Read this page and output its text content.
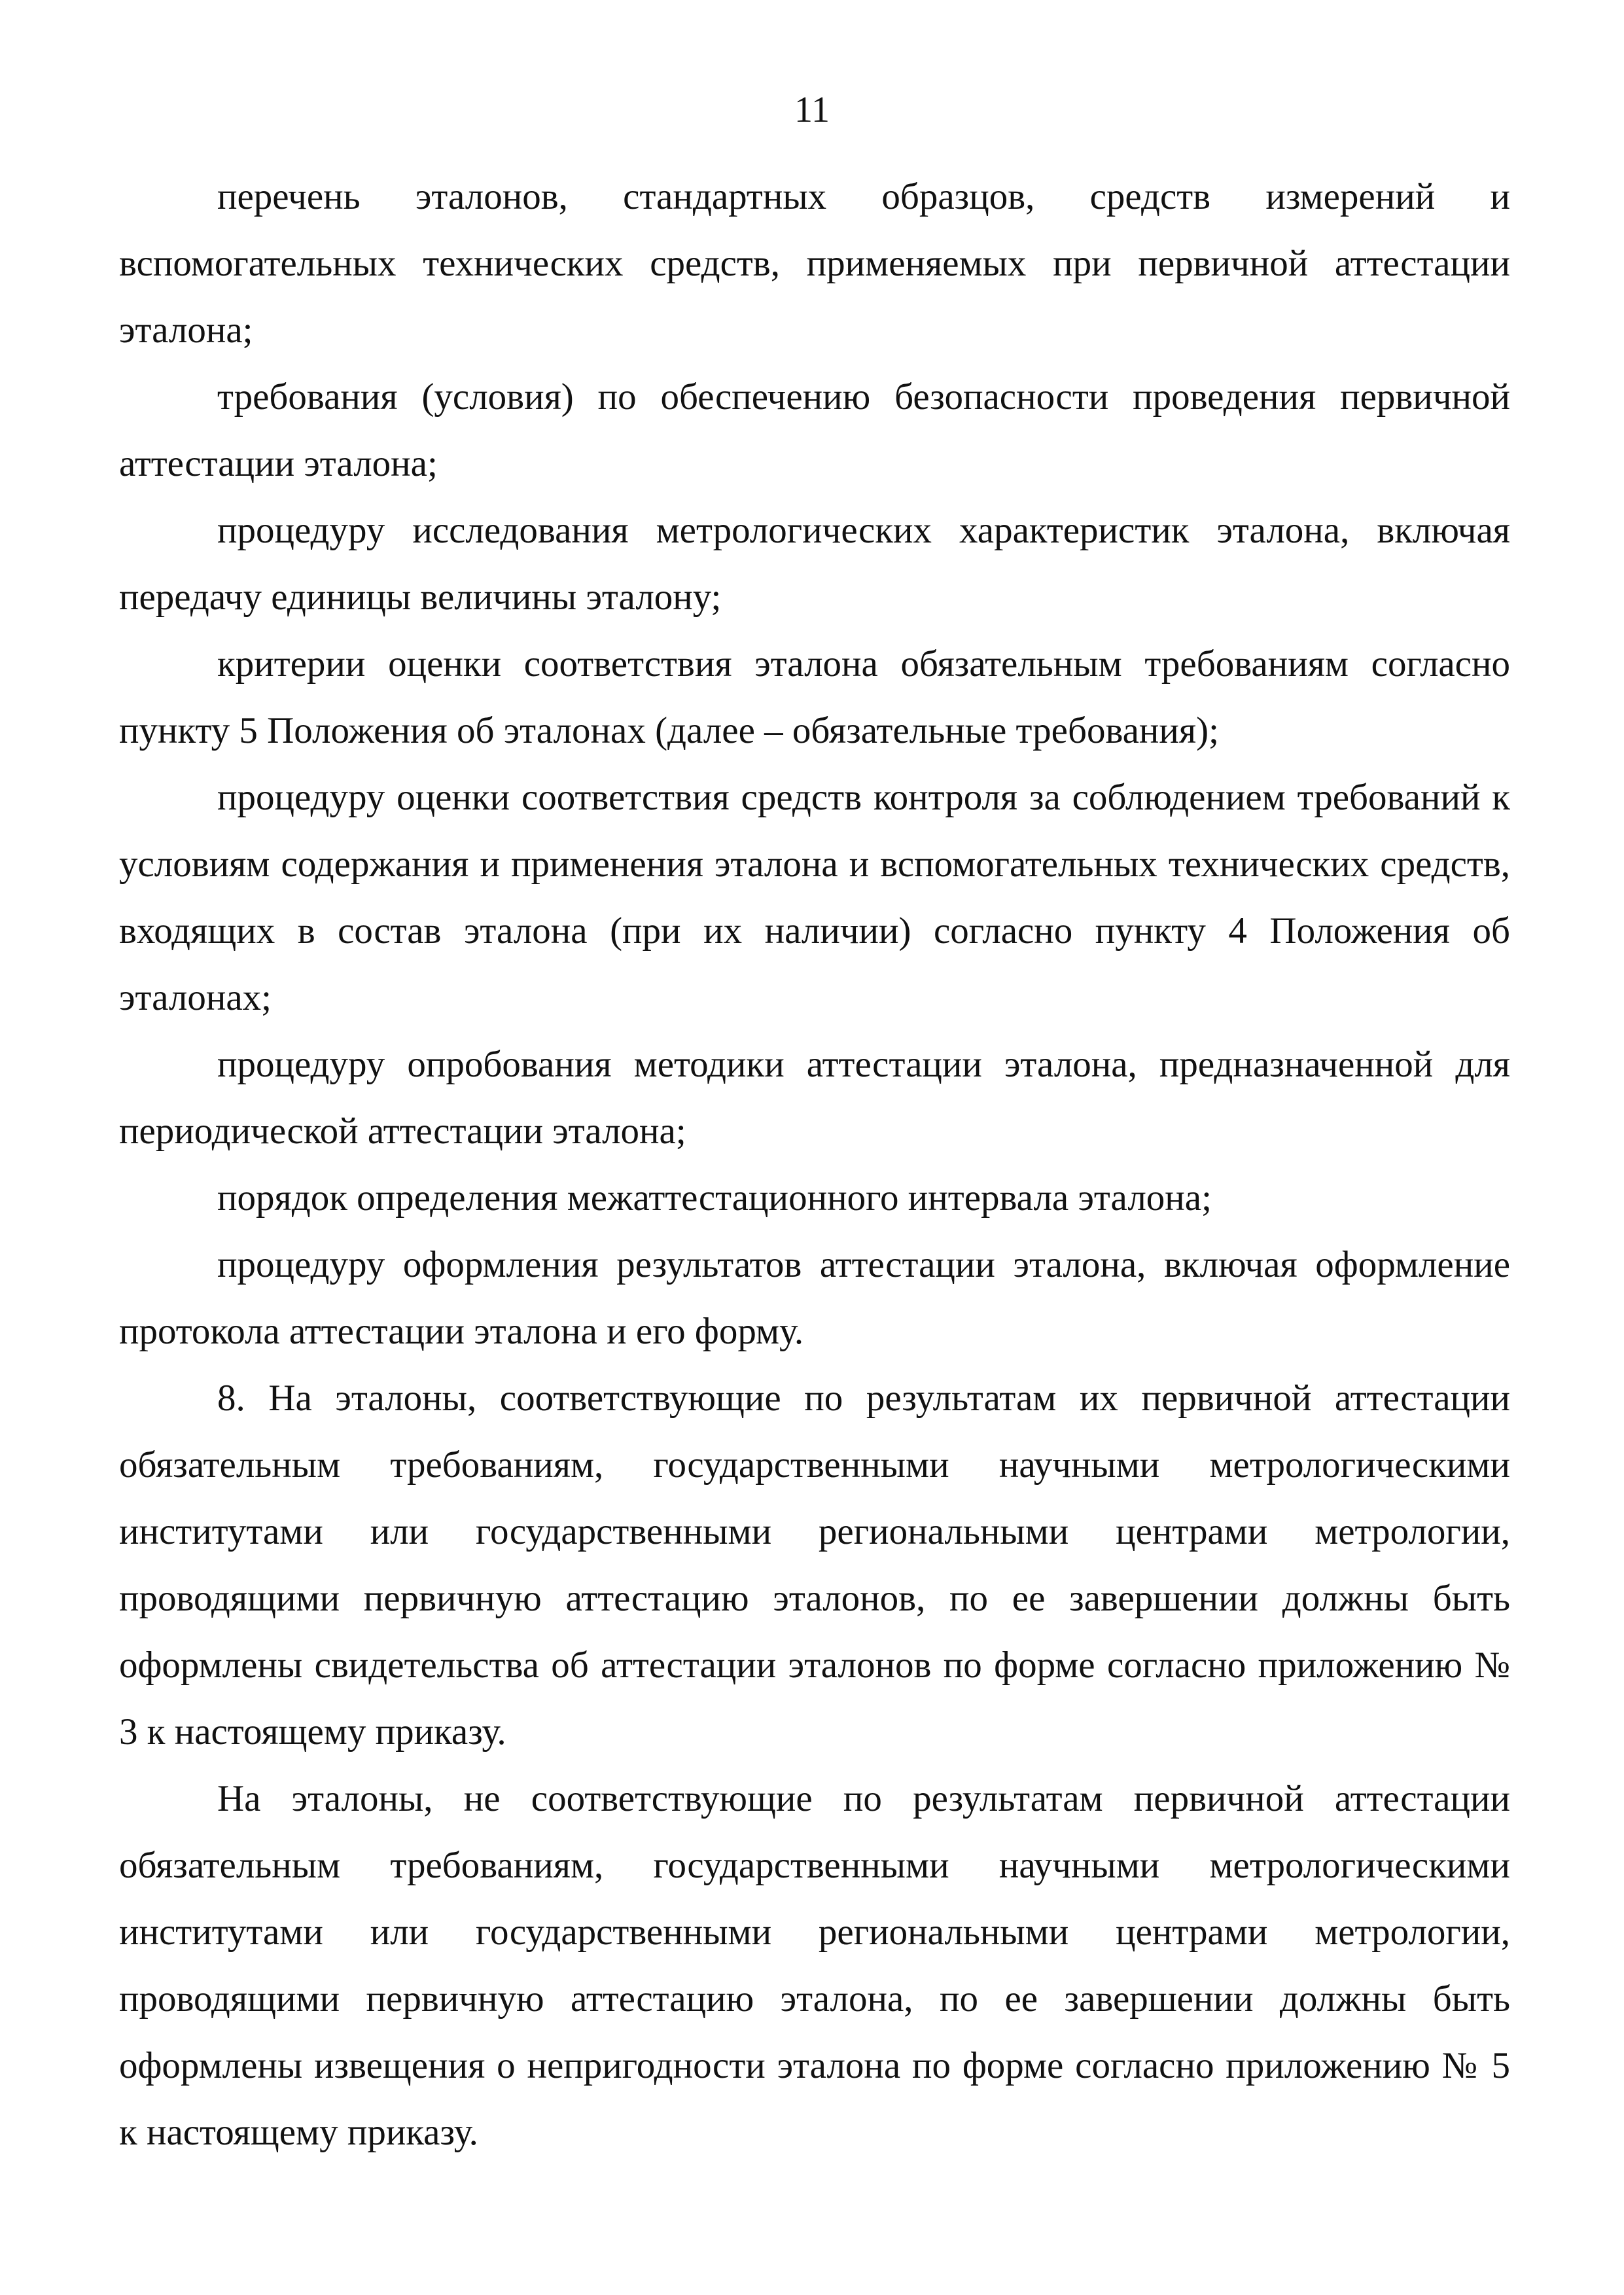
11

перечень эталонов, стандартных образцов, средств измерений и вспомогательных технических средств, применяемых при первичной аттестации эталона;

требования (условия) по обеспечению безопасности проведения первичной аттестации эталона;

процедуру исследования метрологических характеристик эталона, включая передачу единицы величины эталону;

критерии оценки соответствия эталона обязательным требованиям согласно пункту 5 Положения об эталонах (далее – обязательные требования);

процедуру оценки соответствия средств контроля за соблюдением требований к условиям содержания и применения эталона и вспомогательных технических средств, входящих в состав эталона (при их наличии) согласно пункту 4 Положения об эталонах;

процедуру опробования методики аттестации эталона, предназначенной для периодической аттестации эталона;

порядок определения межаттестационного интервала эталона;

процедуру оформления результатов аттестации эталона, включая оформление протокола аттестации эталона и его форму.

8. На эталоны, соответствующие по результатам их первичной аттестации обязательным требованиям, государственными научными метрологическими институтами или государственными региональными центрами метрологии, проводящими первичную аттестацию эталонов, по ее завершении должны быть оформлены свидетельства об аттестации эталонов по форме согласно приложению № 3 к настоящему приказу.

На эталоны, не соответствующие по результатам первичной аттестации обязательным требованиям, государственными научными метрологическими институтами или государственными региональными центрами метрологии, проводящими первичную аттестацию эталона, по ее завершении должны быть оформлены извещения о непригодности эталона по форме согласно приложению № 5 к настоящему приказу.
